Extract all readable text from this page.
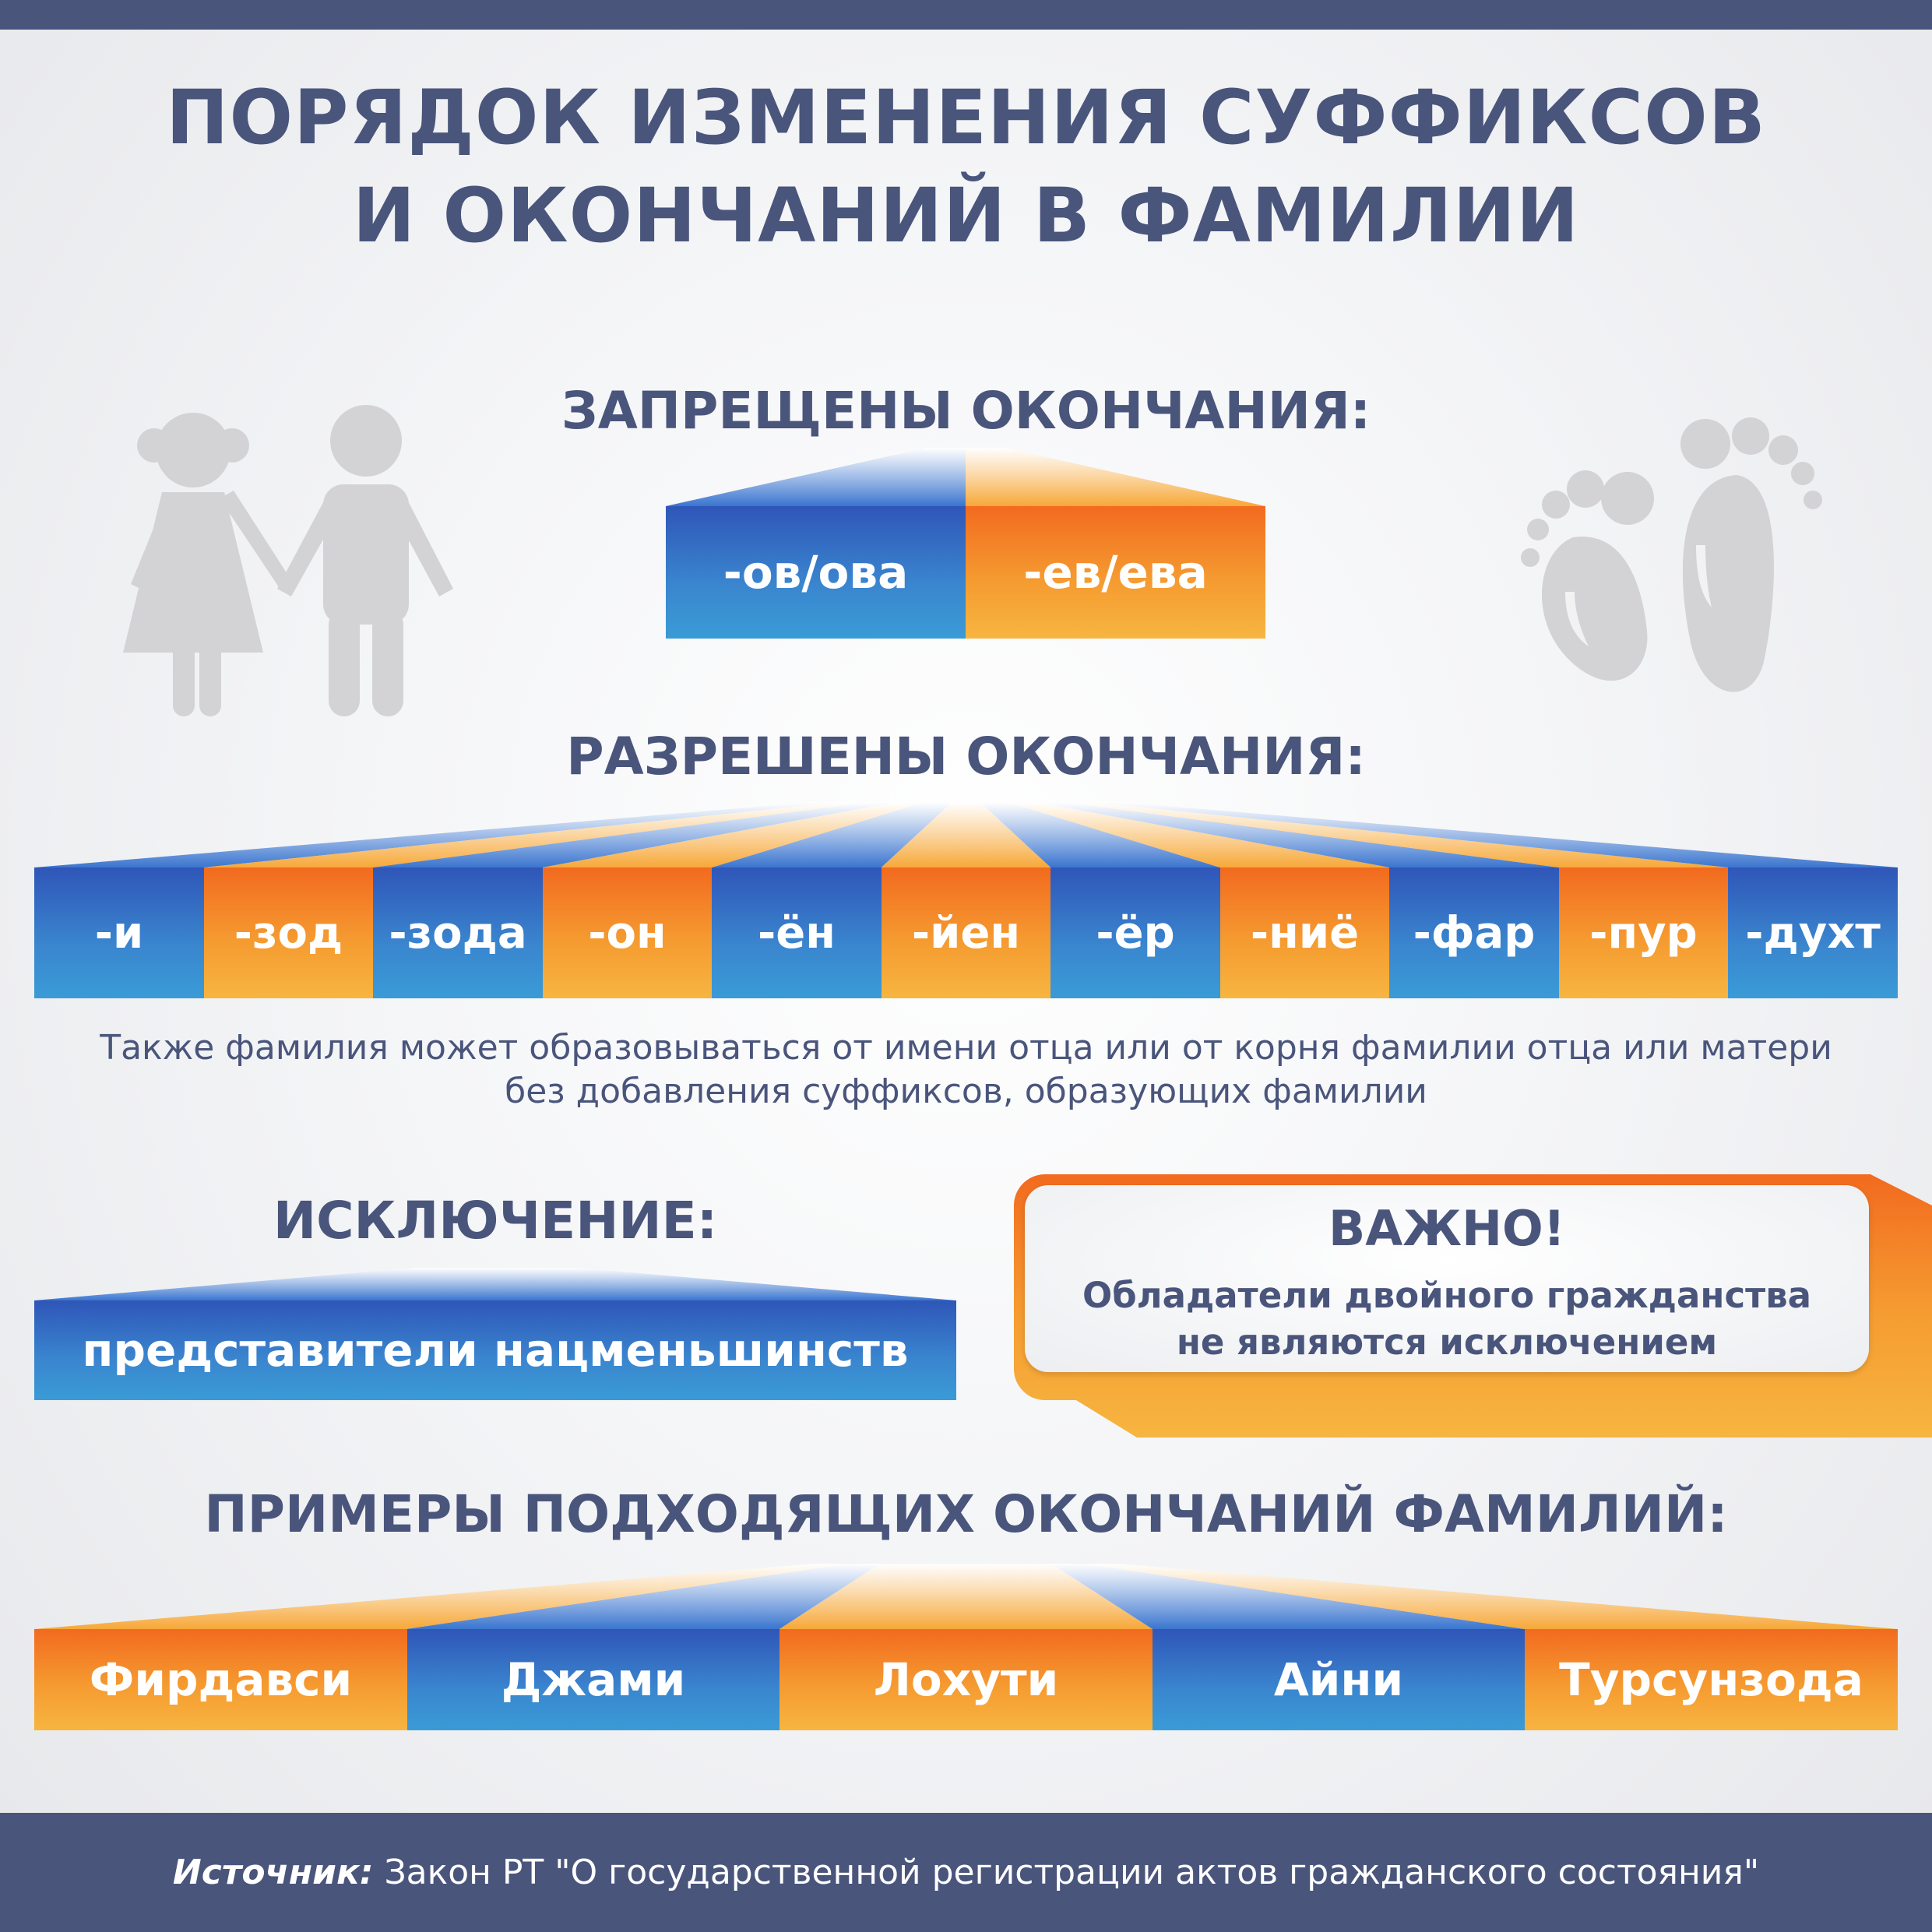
ПОРЯДОК ИЗМЕНЕНИЯ СУФФИКСОВ
И ОКОНЧАНИЙ В ФАМИЛИИ
ЗАПРЕЩЕНЫ ОКОНЧАНИЯ:
-ов/ова	-ев/ева
РАЗРЕШЕНЫ ОКОНЧАНИЯ:
-и	-зод	-зода	-он	-ён	-йен	-ёр	-ниё	-фар	-пур	-духт
Также фамилия может образовываться от имени отца или от корня фамилии отца или матери
без добавления суффиксов, образующих фамилии
ИСКЛЮЧЕНИЕ:
представители нацменьшинств
ВАЖНО!
Обладатели двойного гражданства
не являются исключением
ПРИМЕРЫ ПОДХОДЯЩИХ ОКОНЧАНИЙ ФАМИЛИЙ:
Фирдавси	Джами	Лохути	Айни	Турсунзода
Источник: Закон РТ "О государственной регистрации актов гражданского состояния"
